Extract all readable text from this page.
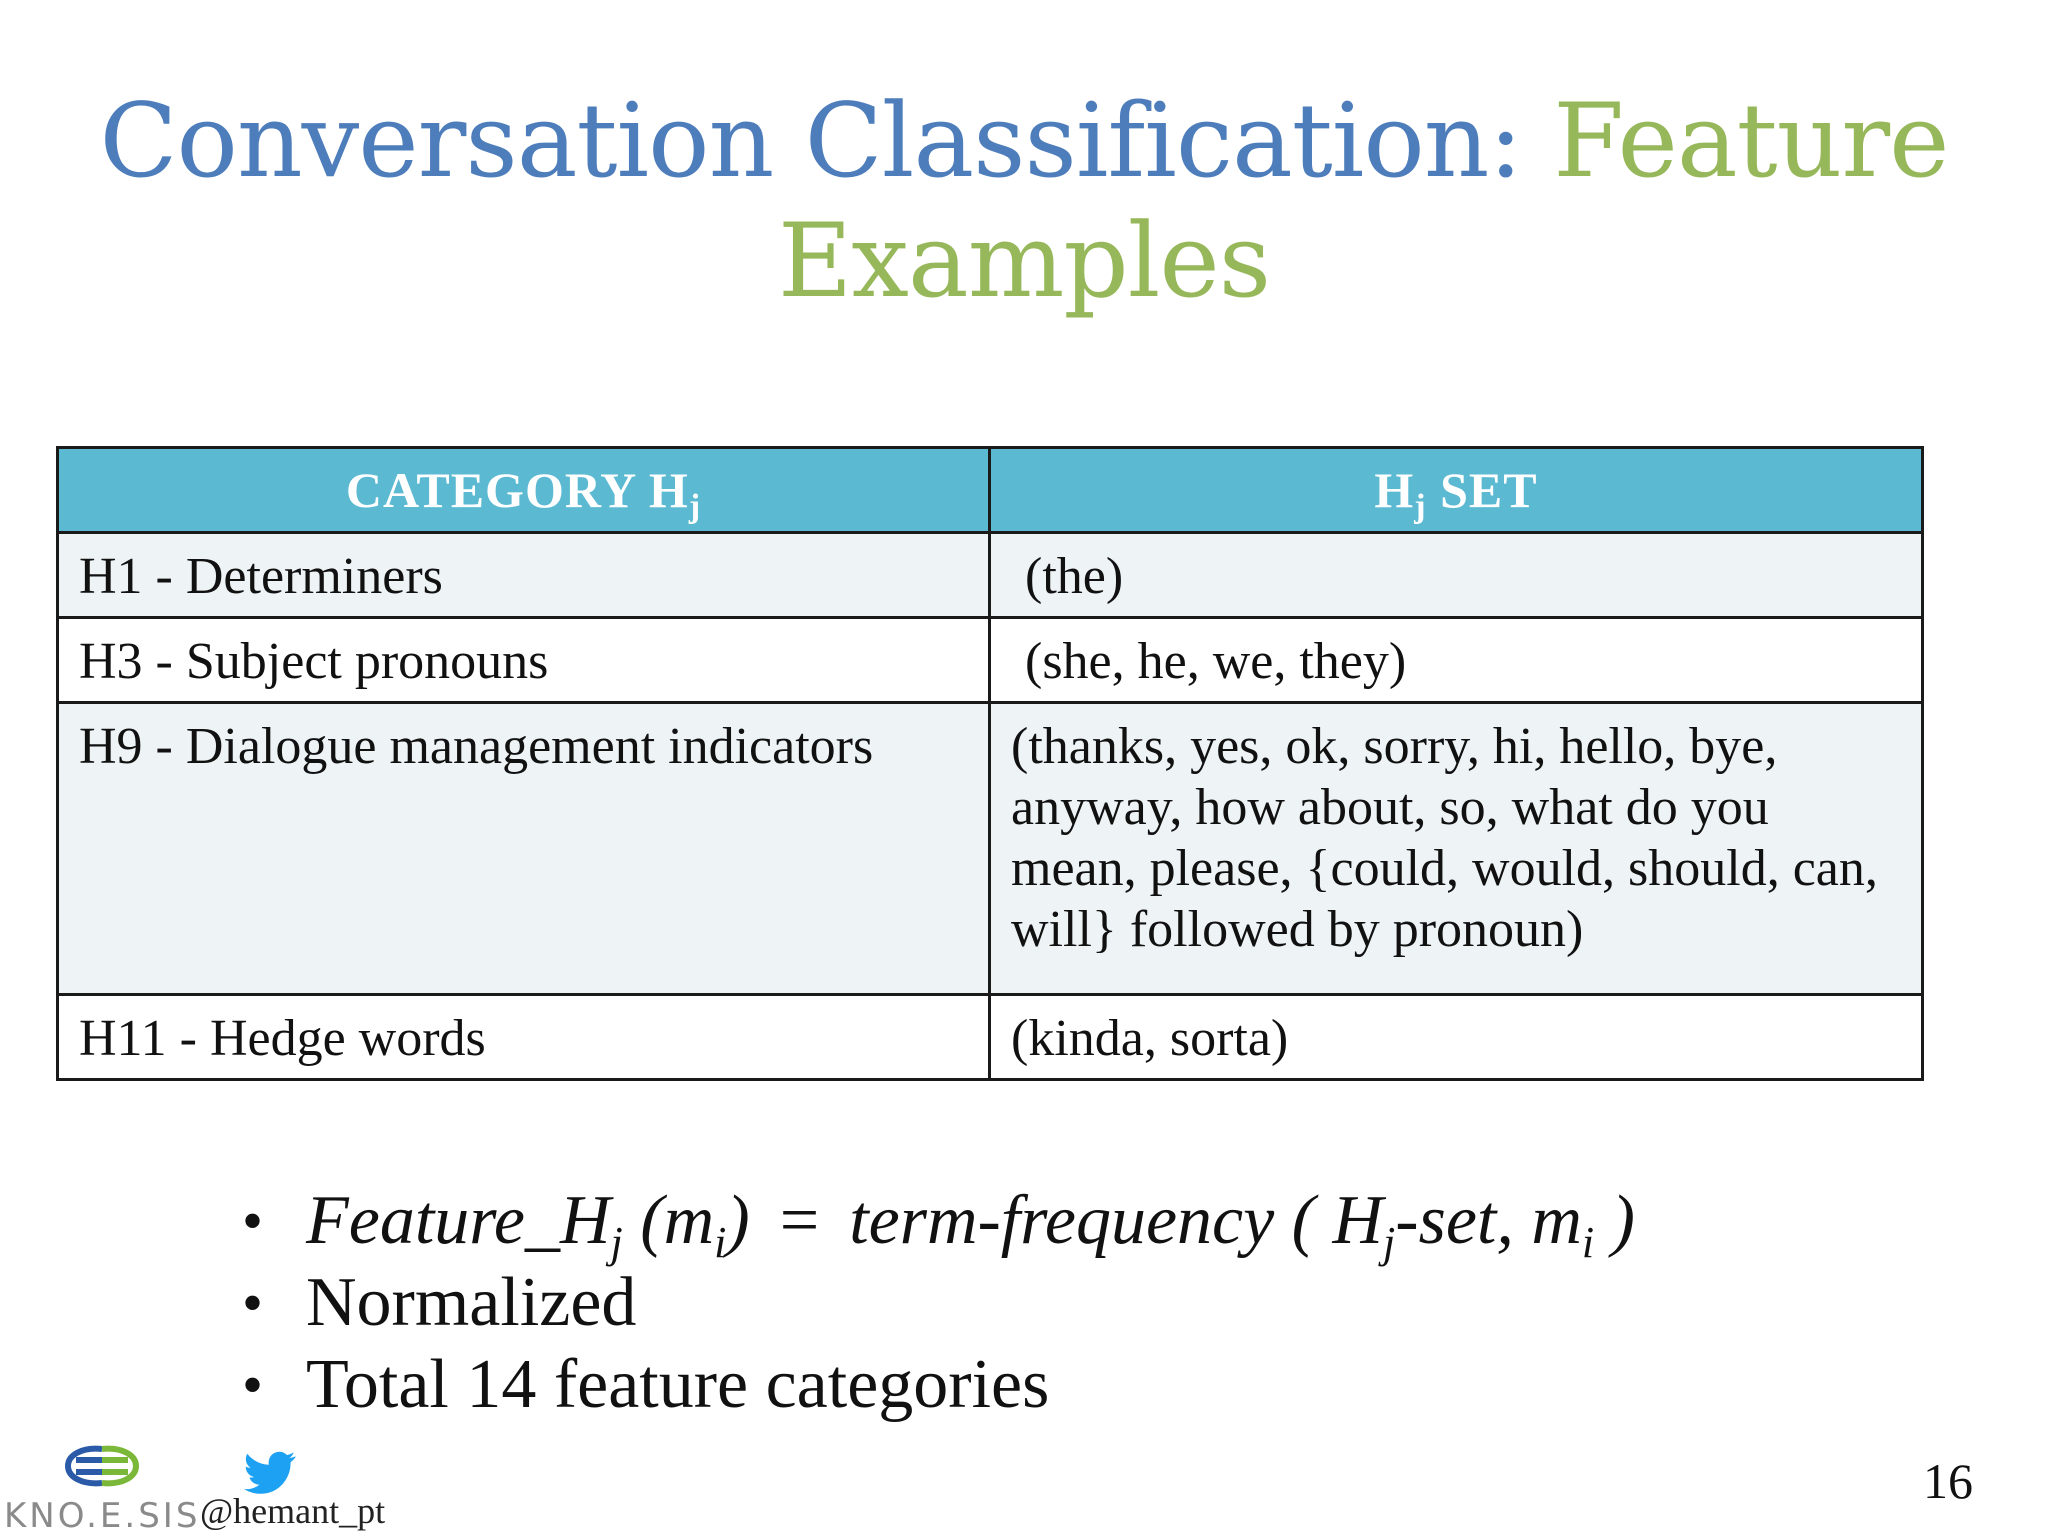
Conversation Classification: Feature
Examples
CATEGORY $H_j$	$H_j$ SET
H1 - Determiners	(the)
H3 - Subject pronouns	(she, he, we, they)
H9 - Dialogue management indicators	(thanks, yes, ok, sorry, hi, hello, bye, anyway, how about, so, what do you mean, please, {could, would, should, can, will} followed by pronoun)
H11 - Hedge words	(kinda, sorta)
• $Feature\_H_j$ $(m_i)$ = term-frequency ( $H_j$-set, $m_i$ )
• Normalized
• Total 14 feature categories
KNO.E.SIS @hemant_pt
16
